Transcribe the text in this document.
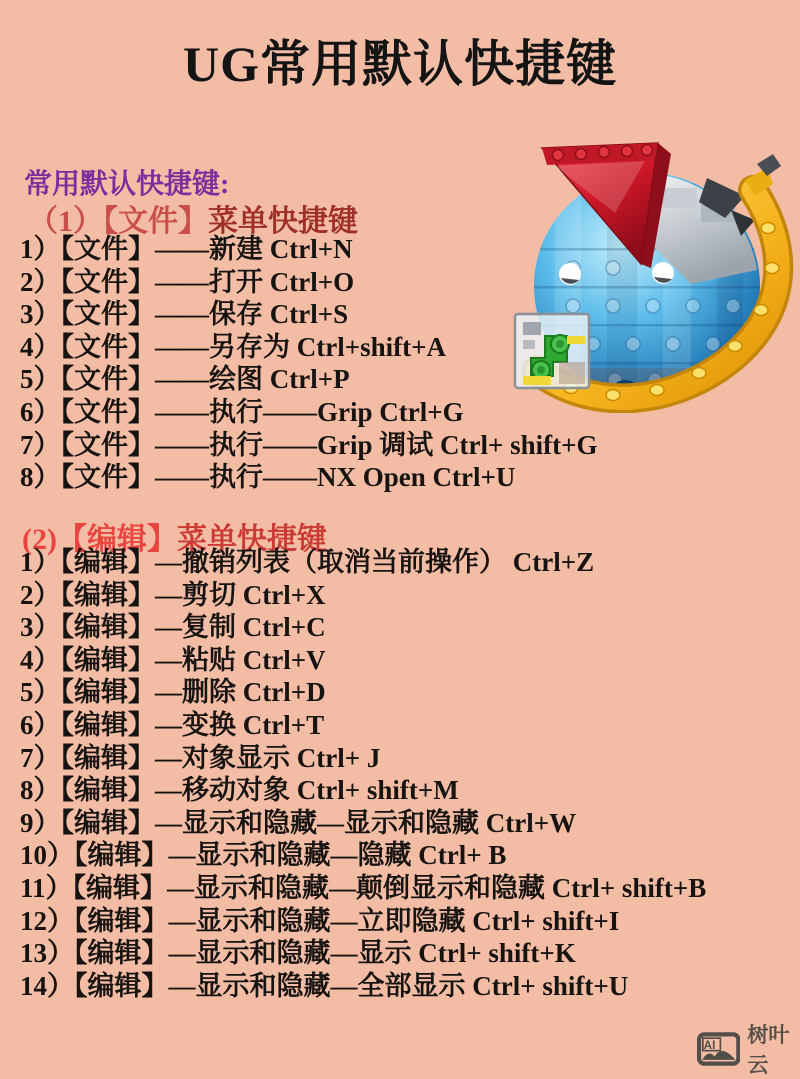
UG常用默认快捷键
常用默认快捷键:
（1）【文件】菜单快捷键
1）【文件】——新建 Ctrl+N
2）【文件】——打开 Ctrl+O
3）【文件】——保存 Ctrl+S
4）【文件】——另存为 Ctrl+shift+A
5）【文件】——绘图 Ctrl+P
6）【文件】——执行——Grip Ctrl+G
7）【文件】——执行——Grip 调试 Ctrl+ shift+G
8）【文件】——执行——NX Open Ctrl+U
(2)【编辑】菜单快捷键
1）【编辑】—撤销列表（取消当前操作） Ctrl+Z
2）【编辑】—剪切 Ctrl+X
3）【编辑】—复制 Ctrl+C
4）【编辑】—粘贴 Ctrl+V
5）【编辑】—删除 Ctrl+D
6）【编辑】—变换 Ctrl+T
7）【编辑】—对象显示 Ctrl+ J
8）【编辑】—移动对象 Ctrl+ shift+M
9）【编辑】—显示和隐藏—显示和隐藏 Ctrl+W
10）【编辑】—显示和隐藏—隐藏 Ctrl+ B
11）【编辑】—显示和隐藏—颠倒显示和隐藏 Ctrl+ shift+B
12）【编辑】—显示和隐藏—立即隐藏 Ctrl+ shift+I
13）【编辑】—显示和隐藏—显示 Ctrl+ shift+K
14）【编辑】—显示和隐藏—全部显示 Ctrl+ shift+U
AI 树叶云
